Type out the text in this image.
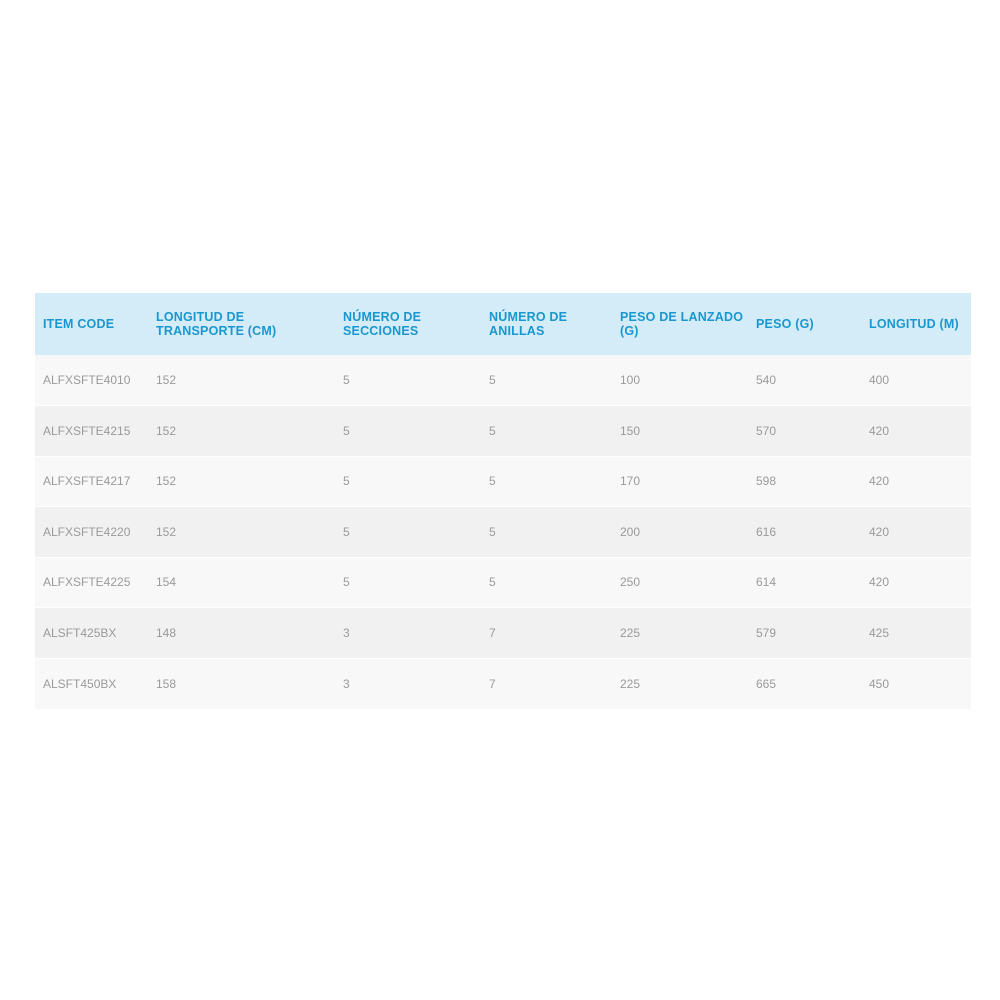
ITEM CODE	LONGITUD DE TRANSPORTE (CM)	NÚMERO DE SECCIONES	NÚMERO DE ANILLAS	PESO DE LANZADO (G)	PESO (G)	LONGITUD (M)
ALFXSFTE4010	152	5	5	100	540	400
ALFXSFTE4215	152	5	5	150	570	420
ALFXSFTE4217	152	5	5	170	598	420
ALFXSFTE4220	152	5	5	200	616	420
ALFXSFTE4225	154	5	5	250	614	420
ALSFT425BX	148	3	7	225	579	425
ALSFT450BX	158	3	7	225	665	450
